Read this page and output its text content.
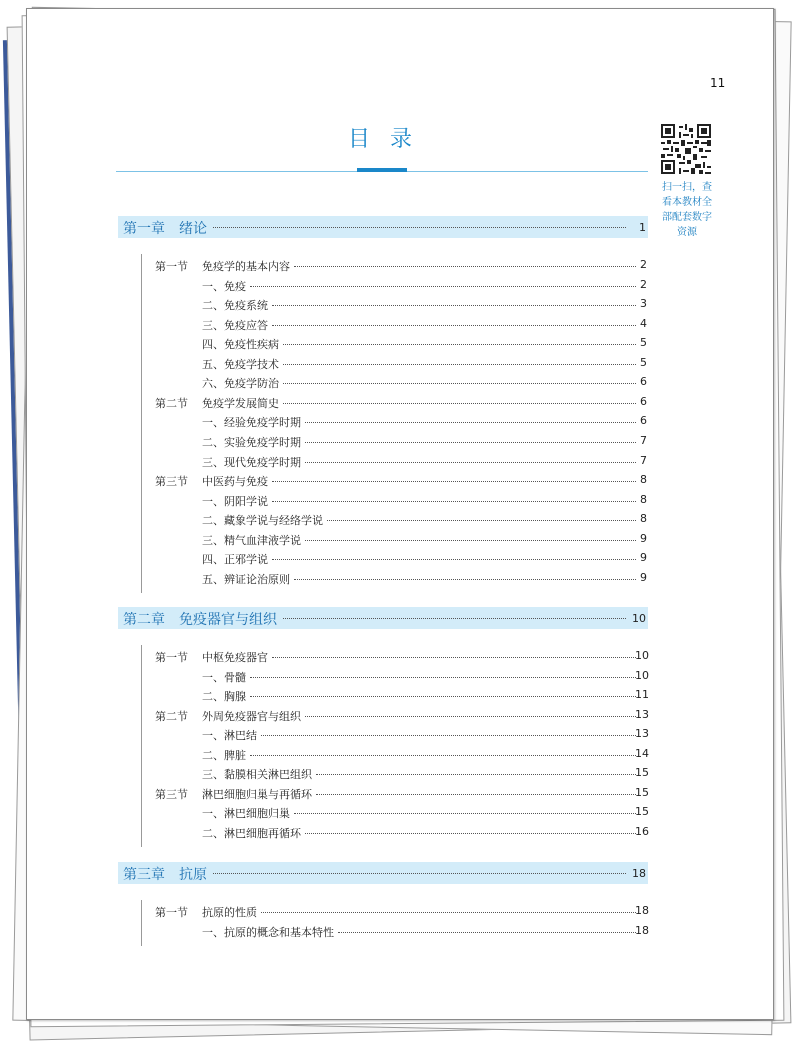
11
扫一扫，查
看本教材全
部配套数字
资源
目录
第一章　绪论	1
第一节 免疫学的基本内容	2
一、免疫	2
二、免疫系统	3
三、免疫应答	4
四、免疫性疾病	5
五、免疫学技术	5
六、免疫学防治	6
第二节 免疫学发展简史	6
一、经验免疫学时期	6
二、实验免疫学时期	7
三、现代免疫学时期	7
第三节 中医药与免疫	8
一、阴阳学说	8
二、藏象学说与经络学说	8
三、精气血津液学说	9
四、正邪学说	9
五、辨证论治原则	9
第二章　免疫器官与组织	10
第一节 中枢免疫器官	10
一、骨髓	10
二、胸腺	11
第二节 外周免疫器官与组织	13
一、淋巴结	13
二、脾脏	14
三、黏膜相关淋巴组织	15
第三节 淋巴细胞归巢与再循环	15
一、淋巴细胞归巢	15
二、淋巴细胞再循环	16
第三章　抗原	18
第一节 抗原的性质	18
一、抗原的概念和基本特性	18
